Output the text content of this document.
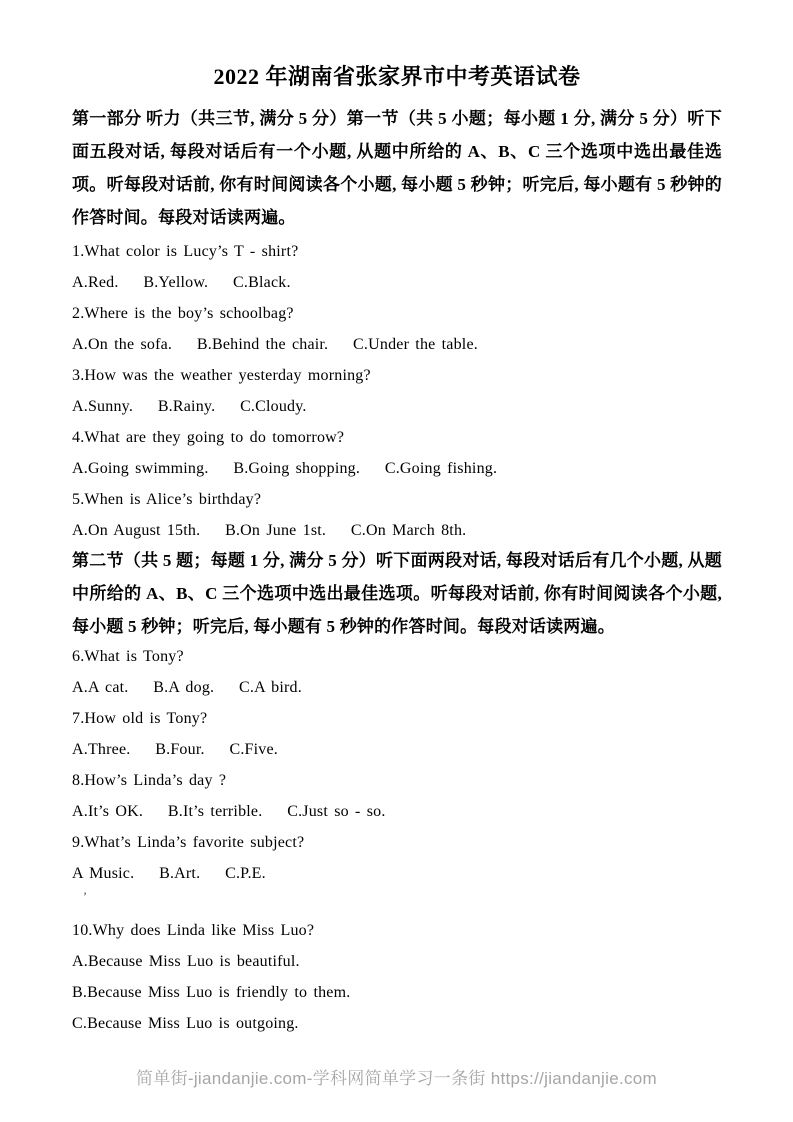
2022 年湖南省张家界市中考英语试卷

第一部分 听力（共三节, 满分 5 分）第一节（共 5 小题；每小题 1 分, 满分 5 分）听下面五段对话, 每段对话后有一个小题, 从题中所给的 A、B、C 三个选项中选出最佳选项。听每段对话前, 你有时间阅读各个小题, 每小题 5 秒钟；听完后, 每小题有 5 秒钟的作答时间。每段对话读两遍。

1.What color is Lucy’s T - shirt?
A.Red.    B.Yellow.    C.Black.
2.Where is the boy’s schoolbag?
A.On the sofa.    B.Behind the chair.    C.Under the table.
3.How was the weather yesterday morning?
A.Sunny.    B.Rainy.    C.Cloudy.
4.What are they going to do tomorrow?
A.Going swimming.    B.Going shopping.    C.Going fishing.
5.When is Alice’s birthday?
A.On August 15th.    B.On June 1st.    C.On March 8th.

第二节（共 5 题；每题 1 分, 满分 5 分）听下面两段对话, 每段对话后有几个小题, 从题中所给的 A、B、C 三个选项中选出最佳选项。听每段对话前, 你有时间阅读各个小题, 每小题 5 秒钟；听完后, 每小题有 5 秒钟的作答时间。每段对话读两遍。

6.What is Tony?
A.A cat.    B.A dog.    C.A bird.
7.How old is Tony?
A.Three.    B.Four.    C.Five.
8.How’s Linda’s day ?
A.It’s OK.    B.It’s terrible.    C.Just so - so.
9.What’s Linda’s favorite subject?
A Music.    B.Art.    C.P.E.
’
10.Why does Linda like Miss Luo?
A.Because Miss Luo is beautiful.
B.Because Miss Luo is friendly to them.
C.Because Miss Luo is outgoing.
简单街-jiandanjie.com-学科网简单学习一条街 https://jiandanjie.com
